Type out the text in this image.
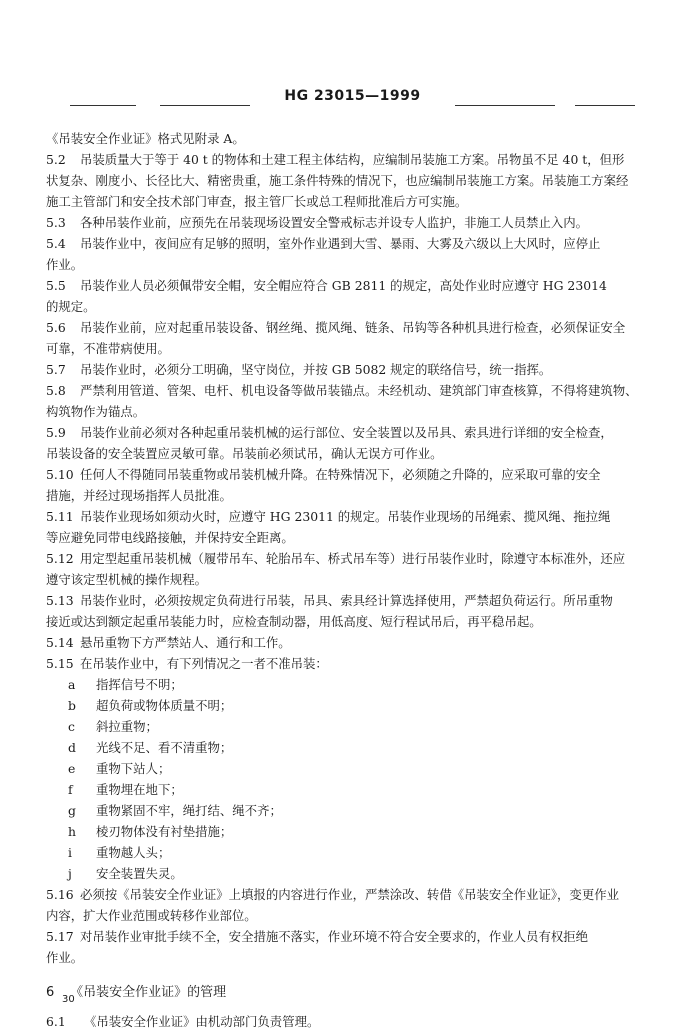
HG 23015—1999
《吊装安全作业证》格式见附录 A。
5.2 吊装质量大于等于 40 t 的物体和土建工程主体结构，应编制吊装施工方案。吊物虽不足 40 t，但形
状复杂、刚度小、长径比大、精密贵重，施工条件特殊的情况下，也应编制吊装施工方案。吊装施工方案经
施工主管部门和安全技术部门审查，报主管厂长或总工程师批准后方可实施。
5.3 各种吊装作业前，应预先在吊装现场设置安全警戒标志并设专人监护，非施工人员禁止入内。
5.4 吊装作业中，夜间应有足够的照明，室外作业遇到大雪、暴雨、大雾及六级以上大风时，应停止
作业。
5.5 吊装作业人员必须佩带安全帽，安全帽应符合 GB 2811 的规定，高处作业时应遵守 HG 23014
的规定。
5.6 吊装作业前，应对起重吊装设备、钢丝绳、揽风绳、链条、吊钩等各种机具进行检查，必须保证安全
可靠，不准带病使用。
5.7 吊装作业时，必须分工明确，坚守岗位，并按 GB 5082 规定的联络信号，统一指挥。
5.8 严禁利用管道、管架、电杆、机电设备等做吊装锚点。未经机动、建筑部门审查核算，不得将建筑物、
构筑物作为锚点。
5.9 吊装作业前必须对各种起重吊装机械的运行部位、安全装置以及吊具、索具进行详细的安全检查，
吊装设备的安全装置应灵敏可靠。吊装前必须试吊，确认无误方可作业。
5.10 任何人不得随同吊装重物或吊装机械升降。在特殊情况下，必须随之升降的，应采取可靠的安全
措施，并经过现场指挥人员批准。
5.11 吊装作业现场如须动火时，应遵守 HG 23011 的规定。吊装作业现场的吊绳索、揽风绳、拖拉绳
等应避免同带电线路接触，并保持安全距离。
5.12 用定型起重吊装机械（履带吊车、轮胎吊车、桥式吊车等）进行吊装作业时，除遵守本标准外，还应
遵守该定型机械的操作规程。
5.13 吊装作业时，必须按规定负荷进行吊装，吊具、索具经计算选择使用，严禁超负荷运行。所吊重物
接近或达到额定起重吊装能力时，应检查制动器，用低高度、短行程试吊后，再平稳吊起。
5.14 悬吊重物下方严禁站人、通行和工作。
5.15 在吊装作业中，有下列情况之一者不准吊装：
a 指挥信号不明；
b 超负荷或物体质量不明；
c 斜拉重物；
d 光线不足、看不清重物；
e 重物下站人；
f 重物埋在地下；
g 重物紧固不牢，绳打结、绳不齐；
h 棱刃物体没有衬垫措施；
i 重物越人头；
j 安全装置失灵。
5.16 必须按《吊装安全作业证》上填报的内容进行作业，严禁涂改、转借《吊装安全作业证》，变更作业
内容，扩大作业范围或转移作业部位。
5.17 对吊装作业审批手续不全，安全措施不落实，作业环境不符合安全要求的，作业人员有权拒绝
作业。
6 《吊装安全作业证》的管理
6.1 《吊装安全作业证》由机动部门负责管理。
30
